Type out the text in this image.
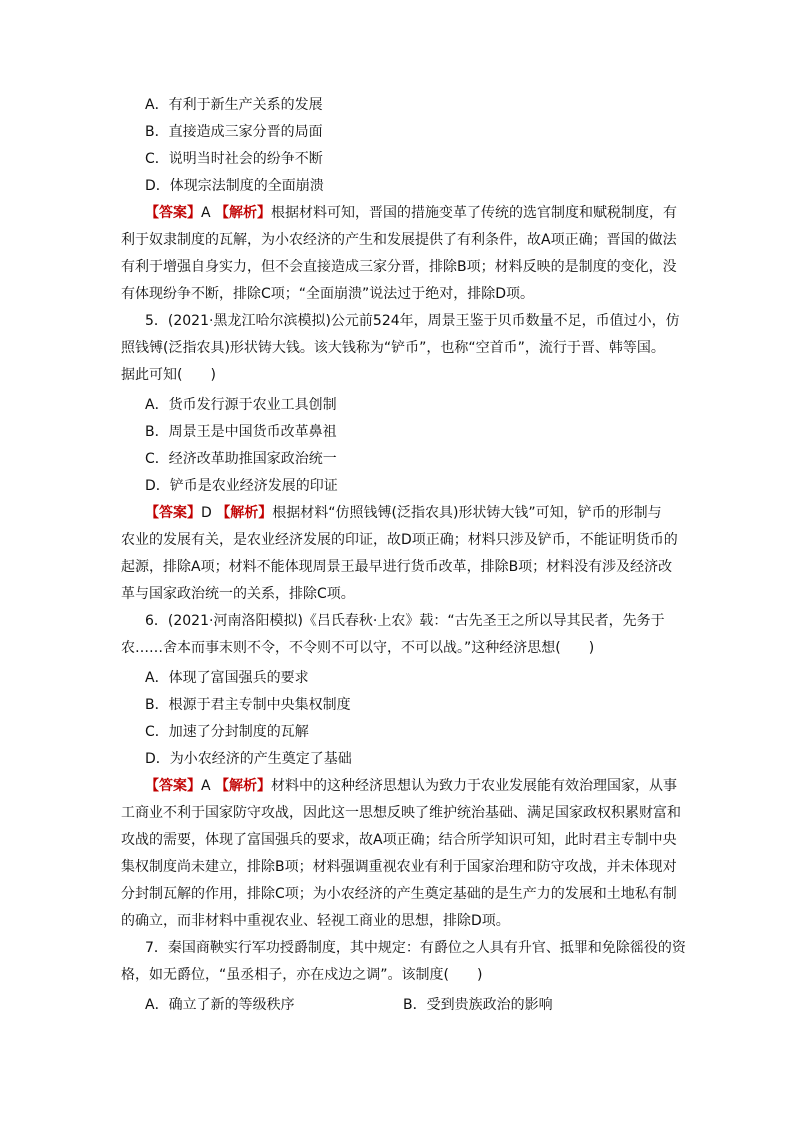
A．有利于新生产关系的发展
B．直接造成三家分晋的局面
C．说明当时社会的纷争不断
D．体现宗法制度的全面崩溃
【答案】A 【解析】根据材料可知，晋国的措施变革了传统的选官制度和赋税制度，有
利于奴隶制度的瓦解，为小农经济的产生和发展提供了有利条件，故A项正确；晋国的做法
有利于增强自身实力，但不会直接造成三家分晋，排除B项；材料反映的是制度的变化，没
有体现纷争不断，排除C项；“全面崩溃”说法过于绝对，排除D项。
5．(2021·黑龙江哈尔滨模拟)公元前524年，周景王鉴于贝币数量不足，币值过小，仿
照钱镈(泛指农具)形状铸大钱。该大钱称为“铲币”，也称“空首币”，流行于晋、韩等国。
据此可知(　　)
A．货币发行源于农业工具创制
B．周景王是中国货币改革鼻祖
C．经济改革助推国家政治统一
D．铲币是农业经济发展的印证
【答案】D 【解析】根据材料“仿照钱镈(泛指农具)形状铸大钱”可知，铲币的形制与
农业的发展有关，是农业经济发展的印证，故D项正确；材料只涉及铲币，不能证明货币的
起源，排除A项；材料不能体现周景王最早进行货币改革，排除B项；材料没有涉及经济改
革与国家政治统一的关系，排除C项。
6．(2021·河南洛阳模拟)《吕氏春秋·上农》载：“古先圣王之所以导其民者，先务于
农……舍本而事末则不令，不令则不可以守，不可以战。”这种经济思想(　　)
A．体现了富国强兵的要求
B．根源于君主专制中央集权制度
C．加速了分封制度的瓦解
D．为小农经济的产生奠定了基础
【答案】A 【解析】材料中的这种经济思想认为致力于农业发展能有效治理国家，从事
工商业不利于国家防守攻战，因此这一思想反映了维护统治基础、满足国家政权积累财富和
攻战的需要，体现了富国强兵的要求，故A项正确；结合所学知识可知，此时君主专制中央
集权制度尚未建立，排除B项；材料强调重视农业有利于国家治理和防守攻战，并未体现对
分封制瓦解的作用，排除C项；为小农经济的产生奠定基础的是生产力的发展和土地私有制
的确立，而非材料中重视农业、轻视工商业的思想，排除D项。
7．秦国商鞅实行军功授爵制度，其中规定：有爵位之人具有升官、抵罪和免除徭役的资
格，如无爵位，“虽丞相子，亦在戍边之调”。该制度(　　)
A．确立了新的等级秩序	B．受到贵族政治的影响
